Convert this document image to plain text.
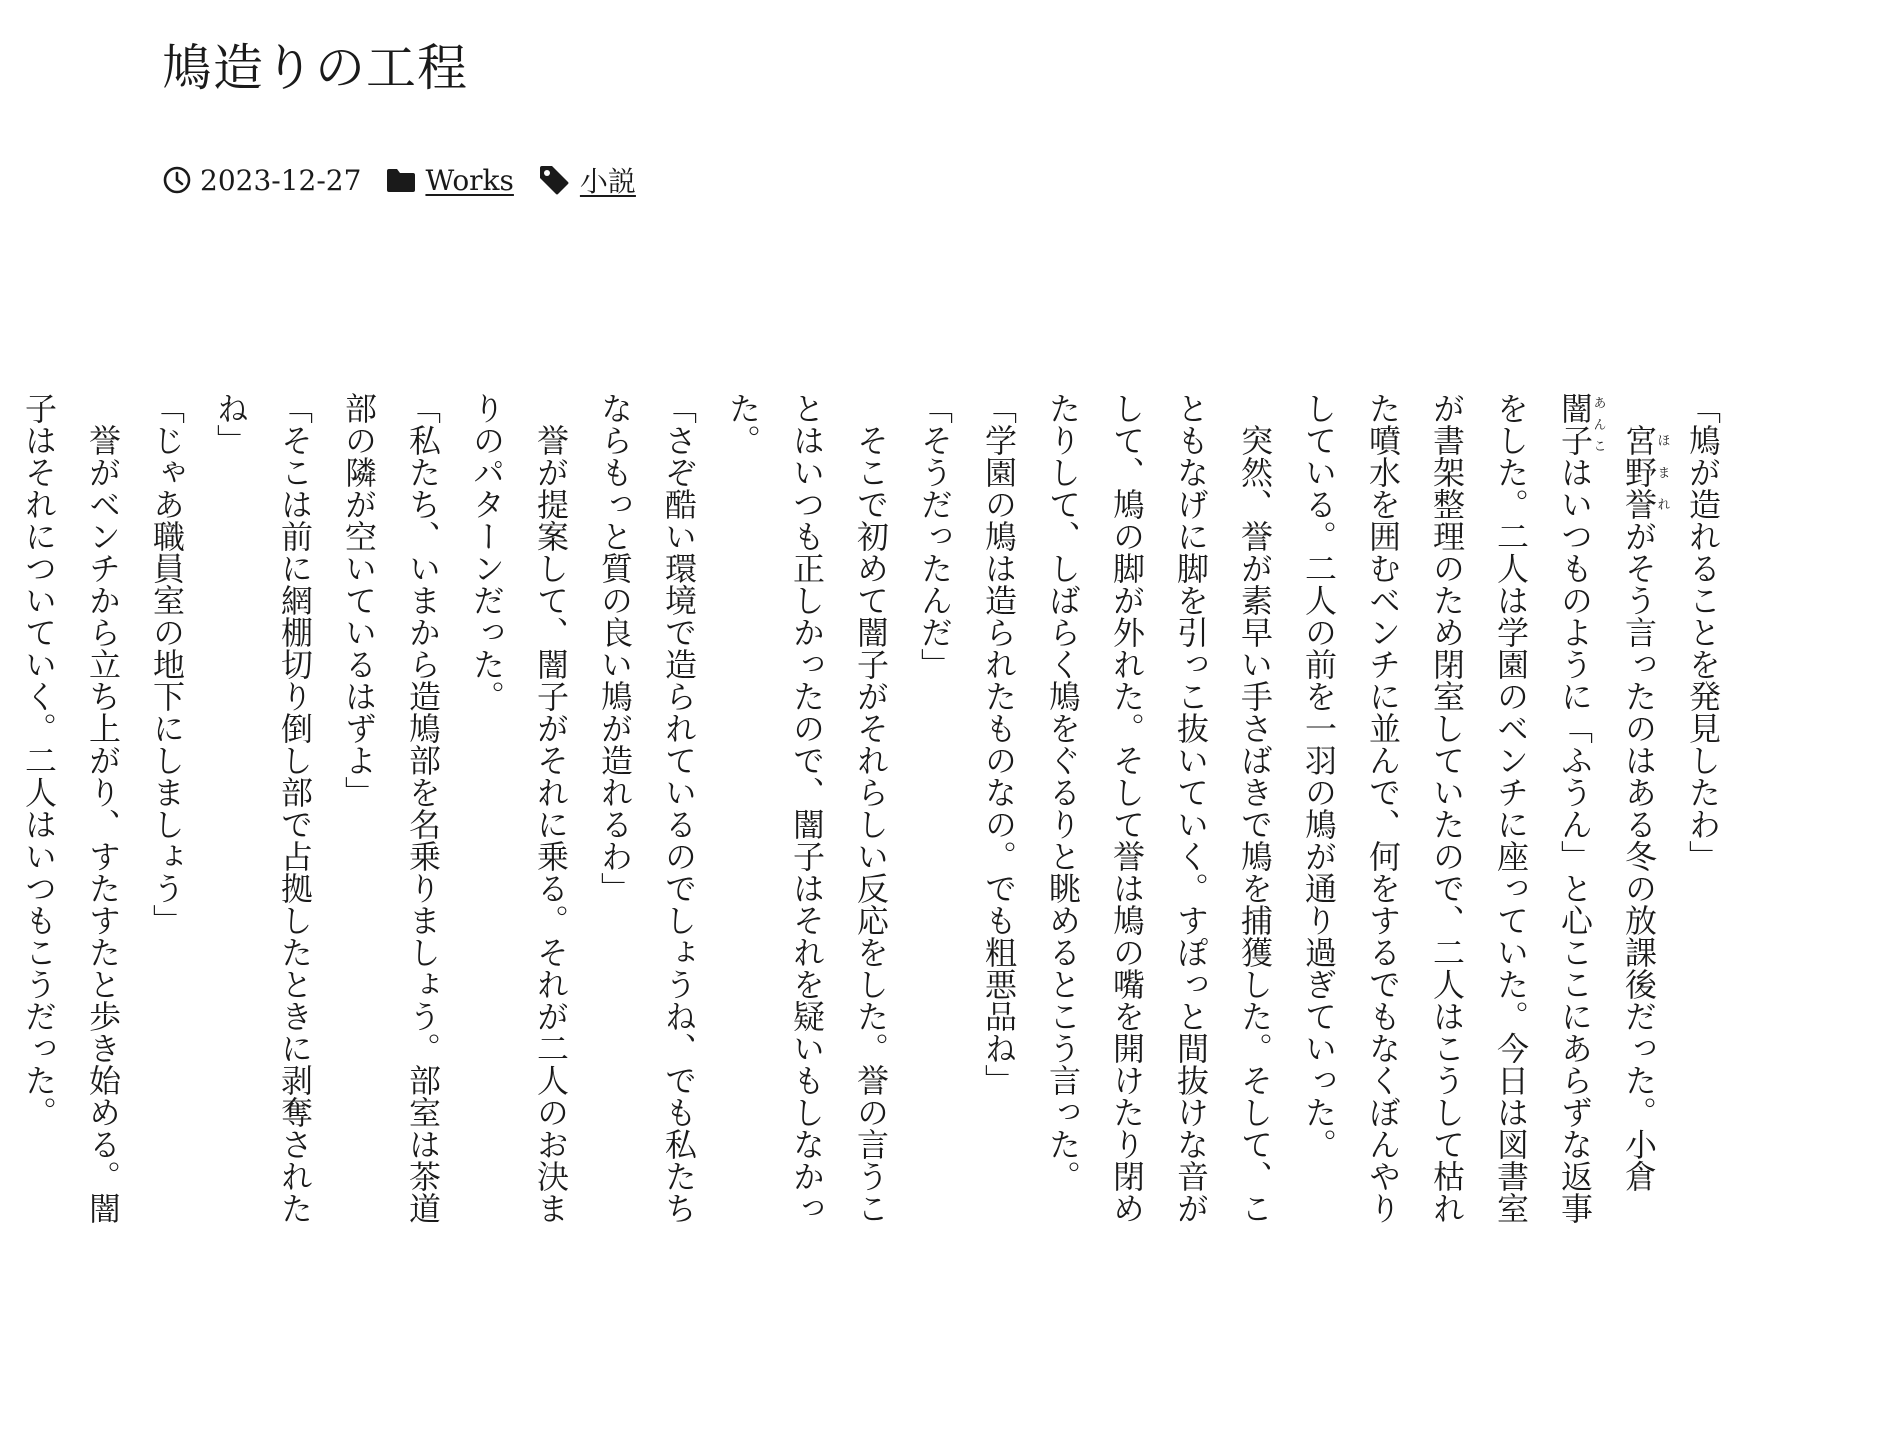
鳩造りの工程
2023-12-27 Works 小説

「鳩が造れることを発見したわ」

宮野誉ほまれがそう言ったのはある冬の放課後だった。小倉闇子あんこはいつものように「ふうん」と心ここにあらずな返事をした。二人は学園のベンチに座っていた。今日は図書室が書架整理のため閉室していたので、二人はこうして枯れた噴水を囲むベンチに並んで、何をするでもなくぼんやりしている。二人の前を一羽の鳩が通り過ぎていった。

突然、誉が素早い手さばきで鳩を捕獲した。そして、こともなげに脚を引っこ抜いていく。すぽっと間抜けな音がして、鳩の脚が外れた。そして誉は鳩の嘴を開けたり閉めたりして、しばらく鳩をぐるりと眺めるとこう言った。

「学園の鳩は造られたものなの。でも粗悪品ね」

「そうだったんだ」

そこで初めて闇子がそれらしい反応をした。誉の言うことはいつも正しかったので、闇子はそれを疑いもしなかった。

「さぞ酷い環境で造られているのでしょうね、でも私たちならもっと質の良い鳩が造れるわ」

誉が提案して、闇子がそれに乗る。それが二人のお決まりのパターンだった。

「私たち、いまから造鳩部を名乗りましょう。部室は茶道部の隣が空いているはずよ」

「そこは前に網棚切り倒し部で占拠したときに剥奪されたね」

「じゃあ職員室の地下にしましょう」

誉がベンチから立ち上がり、すたすたと歩き始める。闇子はそれについていく。二人はいつもこうだった。
